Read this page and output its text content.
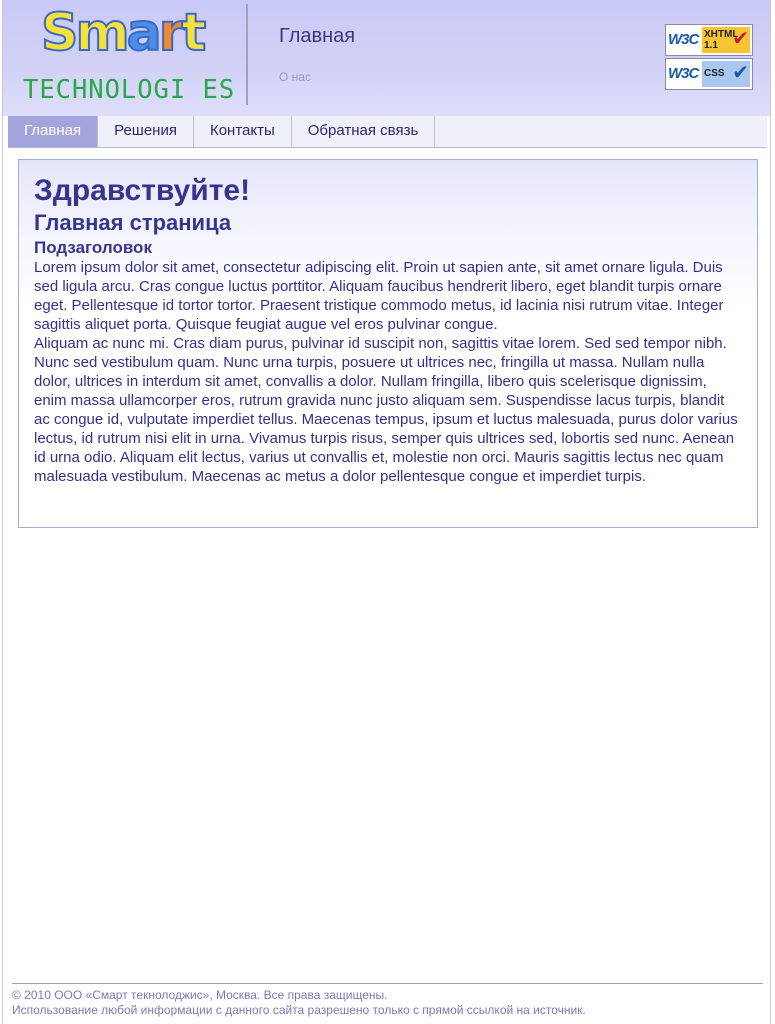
Smart
TECHNOLOGI ES
Главная
О нас
W3C XHTML
1.1 ✔
W3C CSS ✔
Главная	Решения	Контакты	Обратная связь
Здравствуйте!
Главная страница
Подзаголовок

Lorem ipsum dolor sit amet, consectetur adipiscing elit. Proin ut sapien ante, sit amet ornare ligula. Duis sed ligula arcu. Cras congue luctus porttitor. Aliquam faucibus hendrerit libero, eget blandit turpis ornare eget. Pellentesque id tortor tortor. Praesent tristique commodo metus, id lacinia nisi rutrum vitae. Integer sagittis aliquet porta. Quisque feugiat augue vel eros pulvinar congue.

Aliquam ac nunc mi. Cras diam purus, pulvinar id suscipit non, sagittis vitae lorem. Sed sed tempor nibh. Nunc sed vestibulum quam. Nunc urna turpis, posuere ut ultrices nec, fringilla ut massa. Nullam nulla dolor, ultrices in interdum sit amet, convallis a dolor. Nullam fringilla, libero quis scelerisque dignissim, enim massa ullamcorper eros, rutrum gravida nunc justo aliquam sem. Suspendisse lacus turpis, blandit ac congue id, vulputate imperdiet tellus. Maecenas tempus, ipsum et luctus malesuada, purus dolor varius lectus, id rutrum nisi elit in urna. Vivamus turpis risus, semper quis ultrices sed, lobortis sed nunc. Aenean id urna odio. Aliquam elit lectus, varius ut convallis et, molestie non orci. Mauris sagittis lectus nec quam malesuada vestibulum. Maecenas ac metus a dolor pellentesque congue et imperdiet turpis.

© 2010 ООО «Смарт текнолоджис», Москва. Все права защищены.
Использование любой информации с данного сайта разрешено только с прямой ссылкой на источник.
